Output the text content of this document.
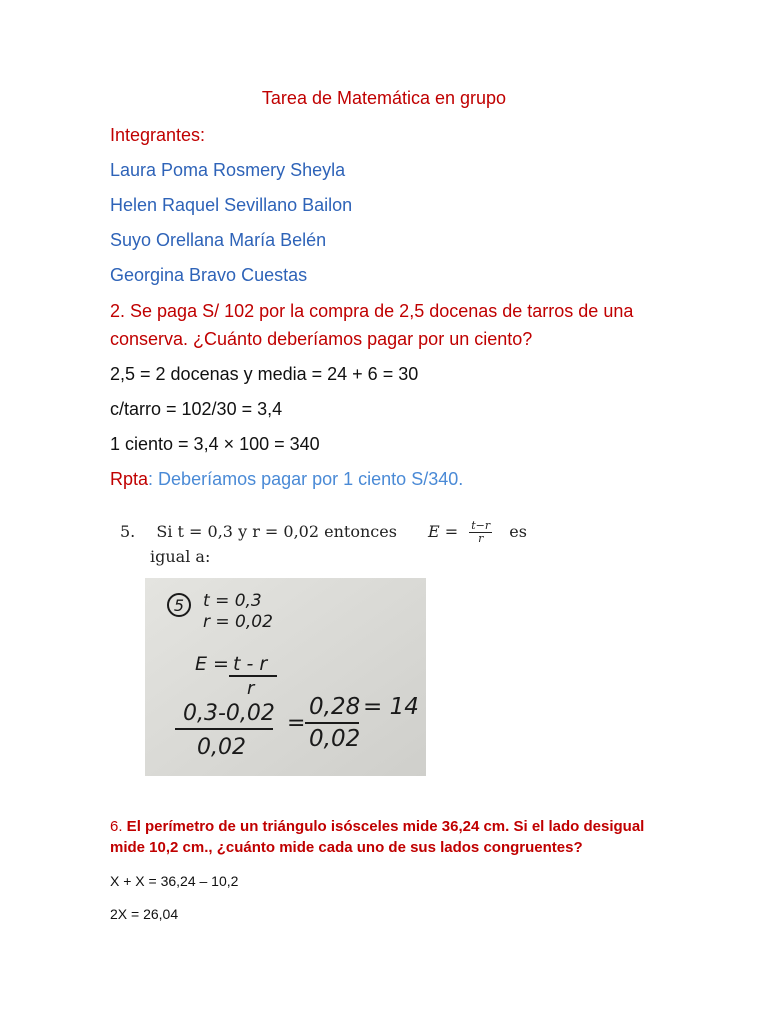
Tarea de Matemática en grupo
Integrantes:
Laura Poma Rosmery Sheyla
Helen Raquel Sevillano Bailon
Suyo Orellana María Belén
Georgina Bravo Cuestas
2. Se paga S/ 102 por la compra de 2,5 docenas de tarros de una
conserva. ¿Cuánto deberíamos pagar por un ciento?
2,5 = 2 docenas y media = 24 + 6 = 30
c/tarro = 102/30 = 3,4
1 ciento = 3,4 × 100 = 340
Rpta: Deberíamos pagar por 1 ciento S/340.
5. Si t = 0,3 y r = 0,02 entonces $E = \frac{t-r}{r}$ es
igual a:
5 t = 0,3
r = 0,02
E = t - r
r
0,3-0,02
0,02
=
0,28
0,02
= 14
6. El perímetro de un triángulo isósceles mide 36,24 cm. Si el lado desigual
mide 10,2 cm., ¿cuánto mide cada uno de sus lados congruentes?
X + X = 36,24 – 10,2
2X = 26,04
